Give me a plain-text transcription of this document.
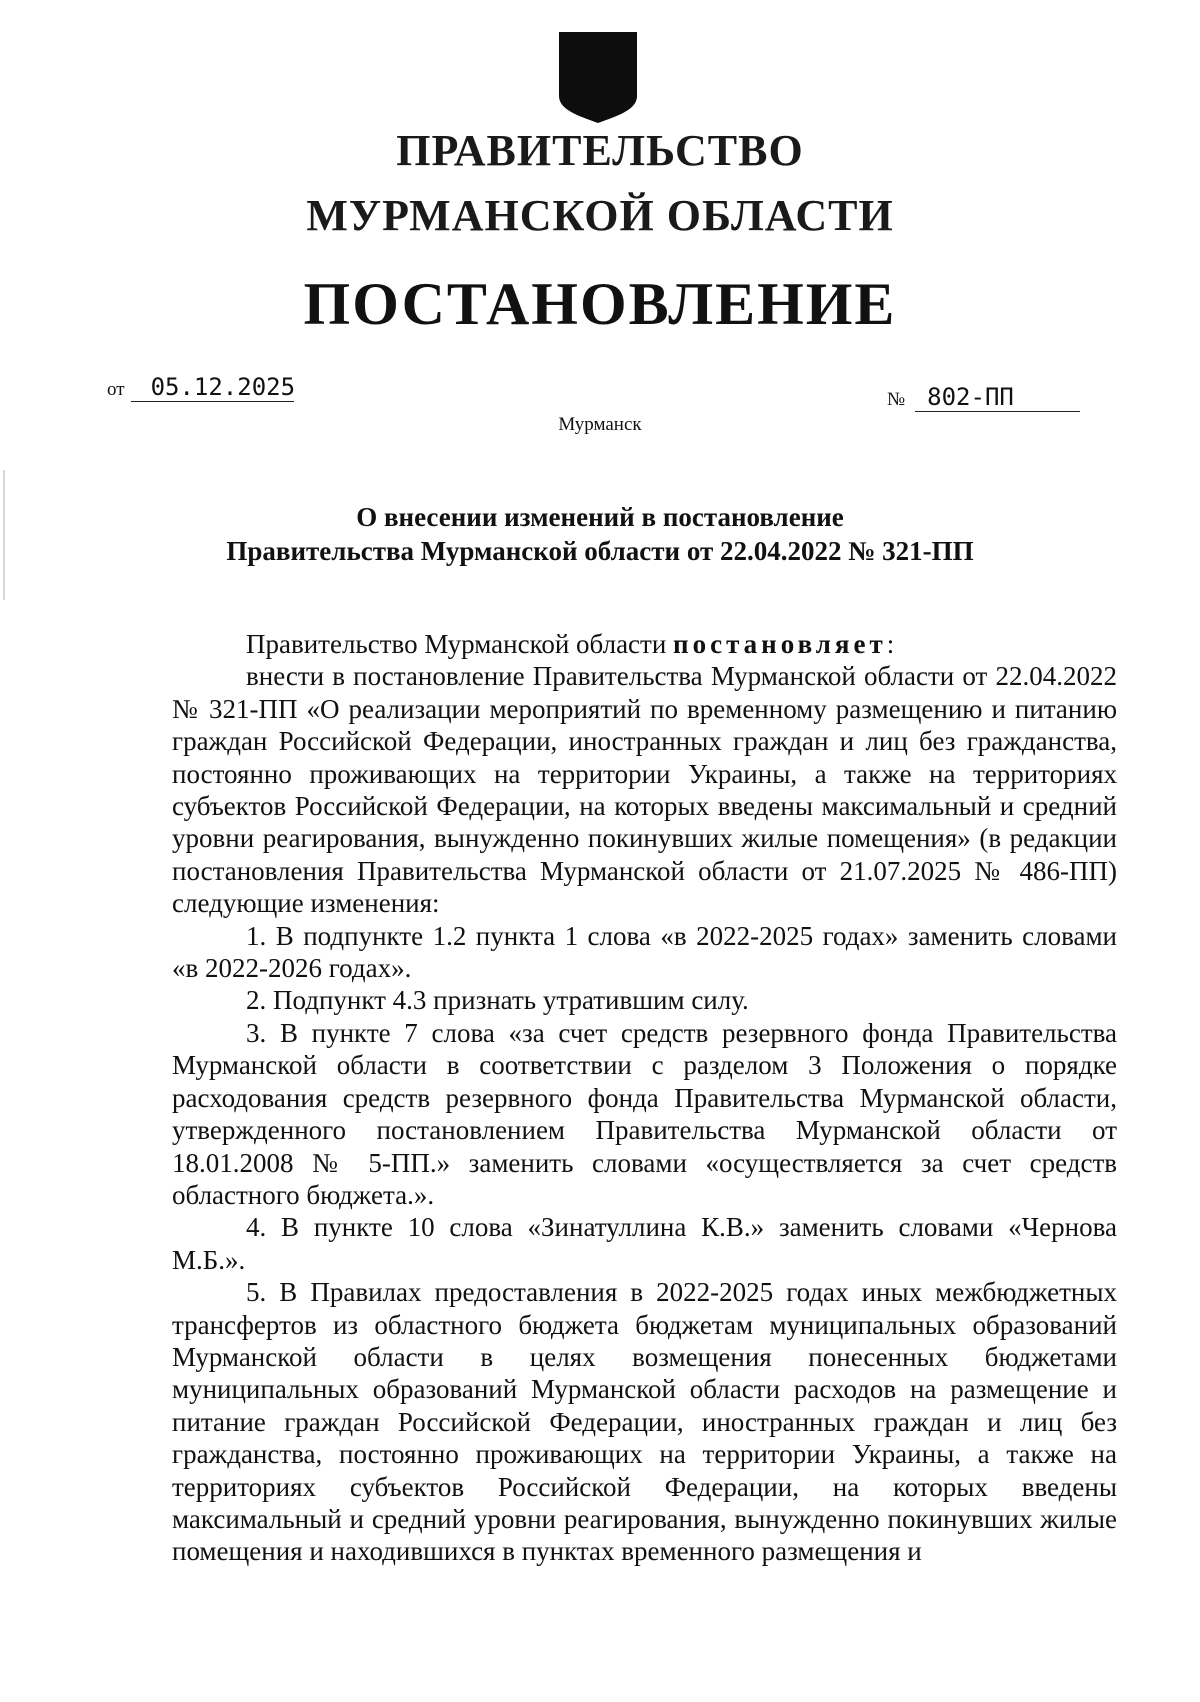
ПРАВИТЕЛЬСТВО
МУРМАНСКОЙ ОБЛАСТИ
ПОСТАНОВЛЕНИЕ
от 05.12.2025	№ 802-ПП
Мурманск
О внесении изменений в постановление
Правительства Мурманской области от 22.04.2022 № 321-ПП

Правительство Мурманской области постановляет:

внести в постановление Правительства Мурманской области от 22.04.2022 № 321-ПП «О реализации мероприятий по временному размещению и питанию граждан Российской Федерации, иностранных граждан и лиц без гражданства, постоянно проживающих на территории Украины, а также на территориях субъектов Российской Федерации, на которых введены максимальный и средний уровни реагирования, вынужденно покинувших жилые помещения» (в редакции постановления Правительства Мурманской области от 21.07.2025 № 486-ПП) следующие изменения:

1. В подпункте 1.2 пункта 1 слова «в 2022-2025 годах» заменить словами «в 2022-2026 годах».

2. Подпункт 4.3 признать утратившим силу.

3. В пункте 7 слова «за счет средств резервного фонда Правительства Мурманской области в соответствии с разделом 3 Положения о порядке расходования средств резервного фонда Правительства Мурманской области, утвержденного постановлением Правительства Мурманской области от 18.01.2008 № 5-ПП.» заменить словами «осуществляется за счет средств областного бюджета.».

4. В пункте 10 слова «Зинатуллина К.В.» заменить словами «Чернова М.Б.».

5. В Правилах предоставления в 2022-2025 годах иных межбюджетных трансфертов из областного бюджета бюджетам муниципальных образований Мурманской области в целях возмещения понесенных бюджетами муниципальных образований Мурманской области расходов на размещение и питание граждан Российской Федерации, иностранных граждан и лиц без гражданства, постоянно проживающих на территории Украины, а также на территориях субъектов Российской Федерации, на которых введены максимальный и средний уровни реагирования, вынужденно покинувших жилые помещения и находившихся в пунктах временного размещения и
